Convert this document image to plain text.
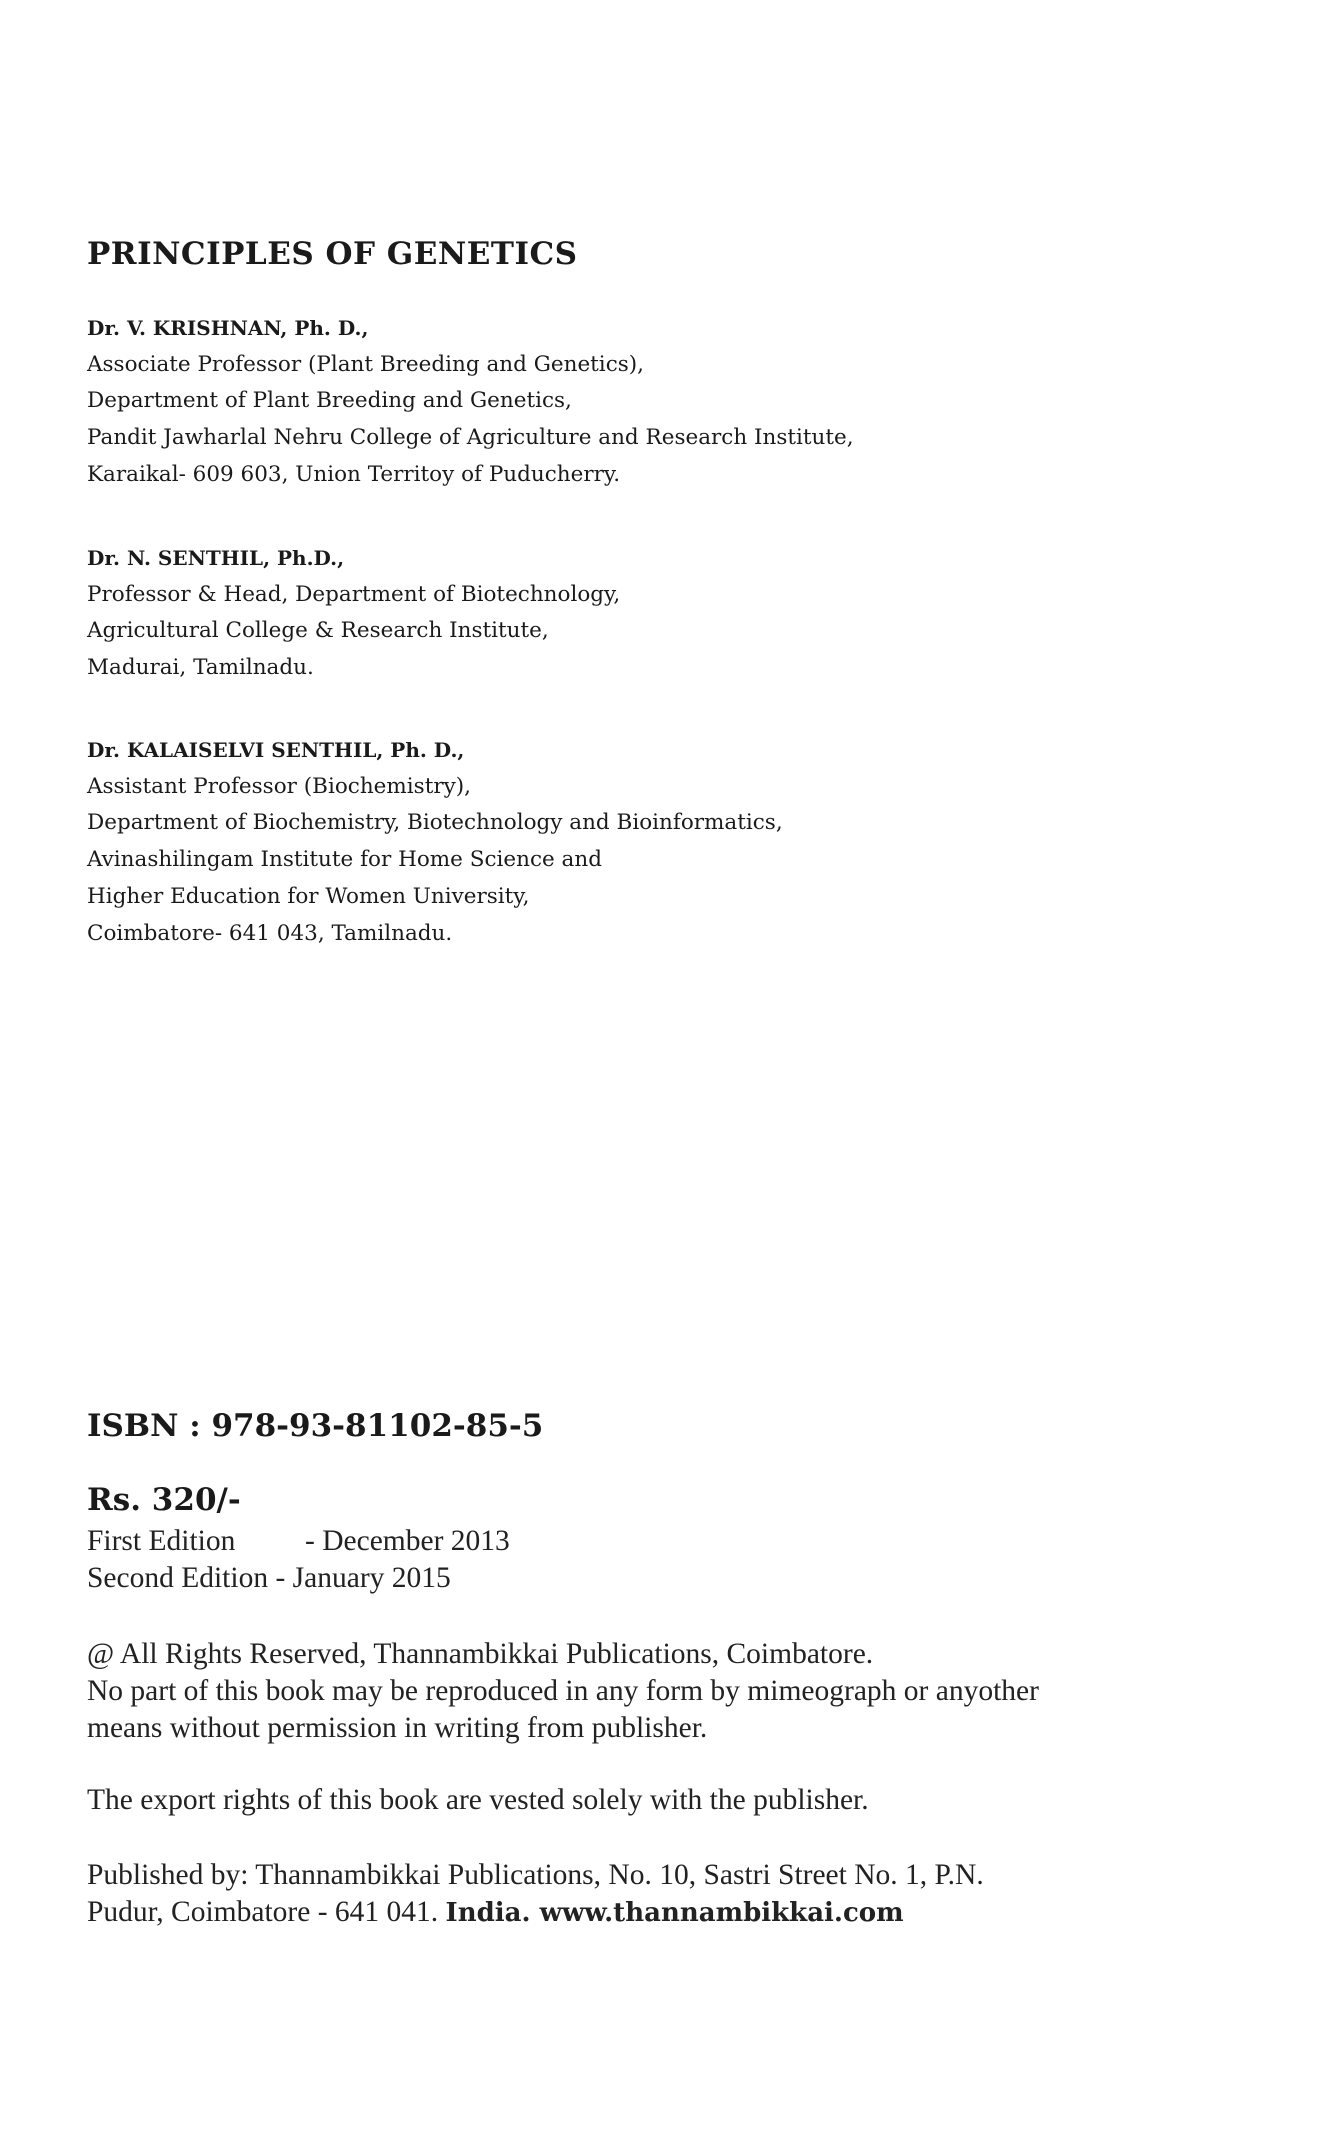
PRINCIPLES OF GENETICS
Dr. V. KRISHNAN, Ph. D.,
Associate Professor (Plant Breeding and Genetics),
Department of Plant Breeding and Genetics,
Pandit Jawharlal Nehru College of Agriculture and Research Institute,
Karaikal- 609 603, Union Territoy of Puducherry.
Dr. N. SENTHIL, Ph.D.,
Professor & Head, Department of Biotechnology,
Agricultural College & Research Institute,
Madurai, Tamilnadu.
Dr. KALAISELVI SENTHIL, Ph. D.,
Assistant Professor (Biochemistry),
Department of Biochemistry, Biotechnology and Bioinformatics,
Avinashilingam Institute for Home Science and
Higher Education for Women University,
Coimbatore- 641 043, Tamilnadu.

ISBN : 978-93-81102-85-5

Rs. 320/-

First Edition - December 2013
Second Edition - January 2015
@ All Rights Reserved, Thannambikkai Publications, Coimbatore.
No part of this book may be reproduced in any form by mimeograph or anyother
means without permission in writing from publisher.
The export rights of this book are vested solely with the publisher.
Published by: Thannambikkai Publications, No. 10, Sastri Street No. 1, P.N.
Pudur, Coimbatore - 641 041. India. www.thannambikkai.com
